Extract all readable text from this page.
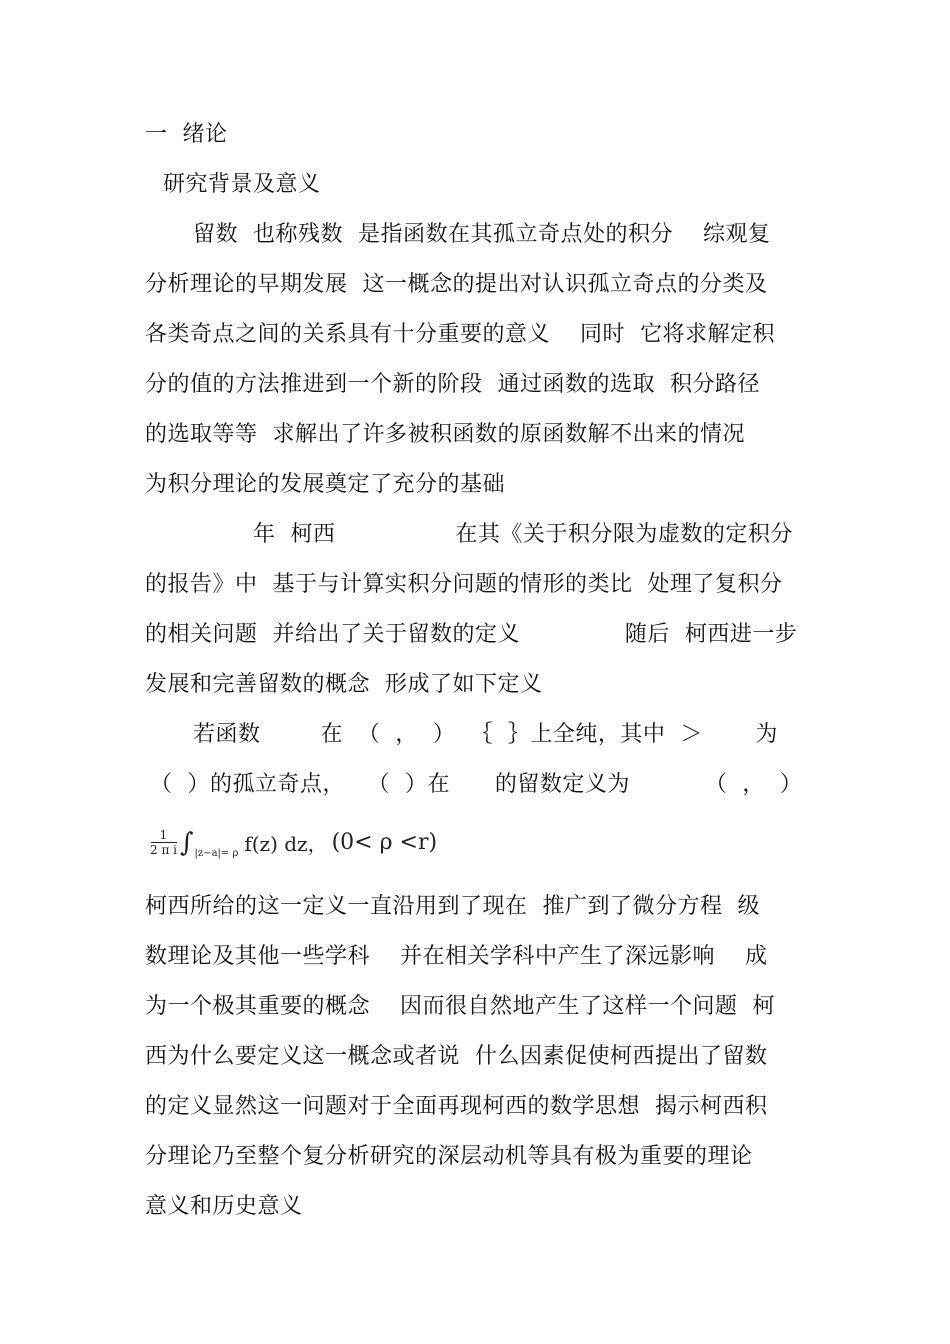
一  绪论
研究背景及意义
留数  也称残数  是指函数在其孤立奇点处的积分    综观复
分析理论的早期发展  这一概念的提出对认识孤立奇点的分类及
各类奇点之间的关系具有十分重要的意义    同时  它将求解定积
分的值的方法推进到一个新的阶段  通过函数的选取  积分路径
的选取等等  求解出了许多被积函数的原函数解不出来的情况
为积分理论的发展奠定了充分的基础
年  柯西                在其《关于积分限为虚数的定积分
的报告》中  基于与计算实积分问题的情形的类比  处理了复积分
的相关问题  并给出了关于留数的定义              随后  柯西进一步
发展和完善留数的概念  形成了如下定义
若函数        在  （  ，  ）  ｛  ｝上全纯，其中  ＞       为
（  ）的孤立奇点，   （  ）在      的留数定义为          （  ，  ）
$\frac{1}{\text{2 π i}}$ ∫ |z−a|= ρ f(z) dz， (0< ρ <r)
柯西所给的这一定义一直沿用到了现在  推广到了微分方程  级
数理论及其他一些学科    并在相关学科中产生了深远影响    成
为一个极其重要的概念    因而很自然地产生了这样一个问题  柯
西为什么要定义这一概念或者说  什么因素促使柯西提出了留数
的定义显然这一问题对于全面再现柯西的数学思想  揭示柯西积
分理论乃至整个复分析研究的深层动机等具有极为重要的理论
意义和历史意义
